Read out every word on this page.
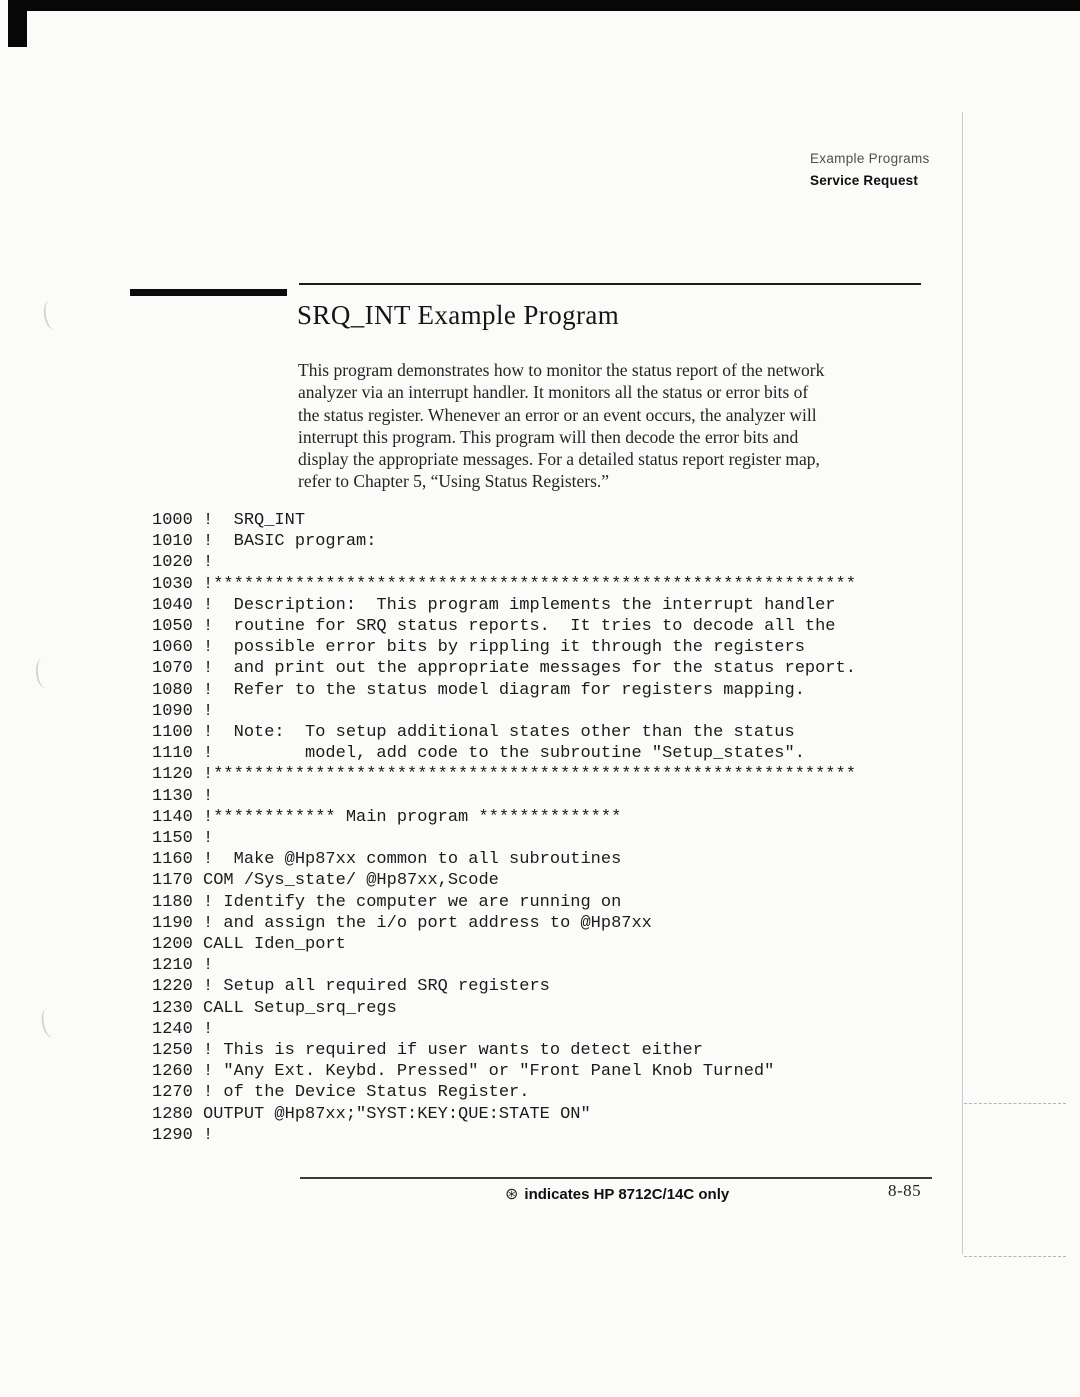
Example Programs
Service Request
SRQ_INT Example Program
This program demonstrates how to monitor the status report of the network
analyzer via an interrupt handler. It monitors all the status or error bits of
the status register. Whenever an error or an event occurs, the analyzer will
interrupt this program. This program will then decode the error bits and
display the appropriate messages. For a detailed status report register map,
refer to Chapter 5, “Using Status Registers.”
1000 !  SRQ_INT
1010 !  BASIC program:
1020 !
1030 !***************************************************************
1040 !  Description:  This program implements the interrupt handler
1050 !  routine for SRQ status reports.  It tries to decode all the
1060 !  possible error bits by rippling it through the registers
1070 !  and print out the appropriate messages for the status report.
1080 !  Refer to the status model diagram for registers mapping.
1090 !
1100 !  Note:  To setup additional states other than the status
1110 !         model, add code to the subroutine "Setup_states".
1120 !***************************************************************
1130 !
1140 !************ Main program **************
1150 !
1160 !  Make @Hp87xx common to all subroutines
1170 COM /Sys_state/ @Hp87xx,Scode
1180 ! Identify the computer we are running on
1190 ! and assign the i/o port address to @Hp87xx
1200 CALL Iden_port
1210 !
1220 ! Setup all required SRQ registers
1230 CALL Setup_srq_regs
1240 !
1250 ! This is required if user wants to detect either
1260 ! "Any Ext. Keybd. Pressed" or "Front Panel Knob Turned"
1270 ! of the Device Status Register.
1280 OUTPUT @Hp87xx;"SYST:KEY:QUE:STATE ON"
1290 !
⊛ indicates HP 8712C/14C only	8-85
